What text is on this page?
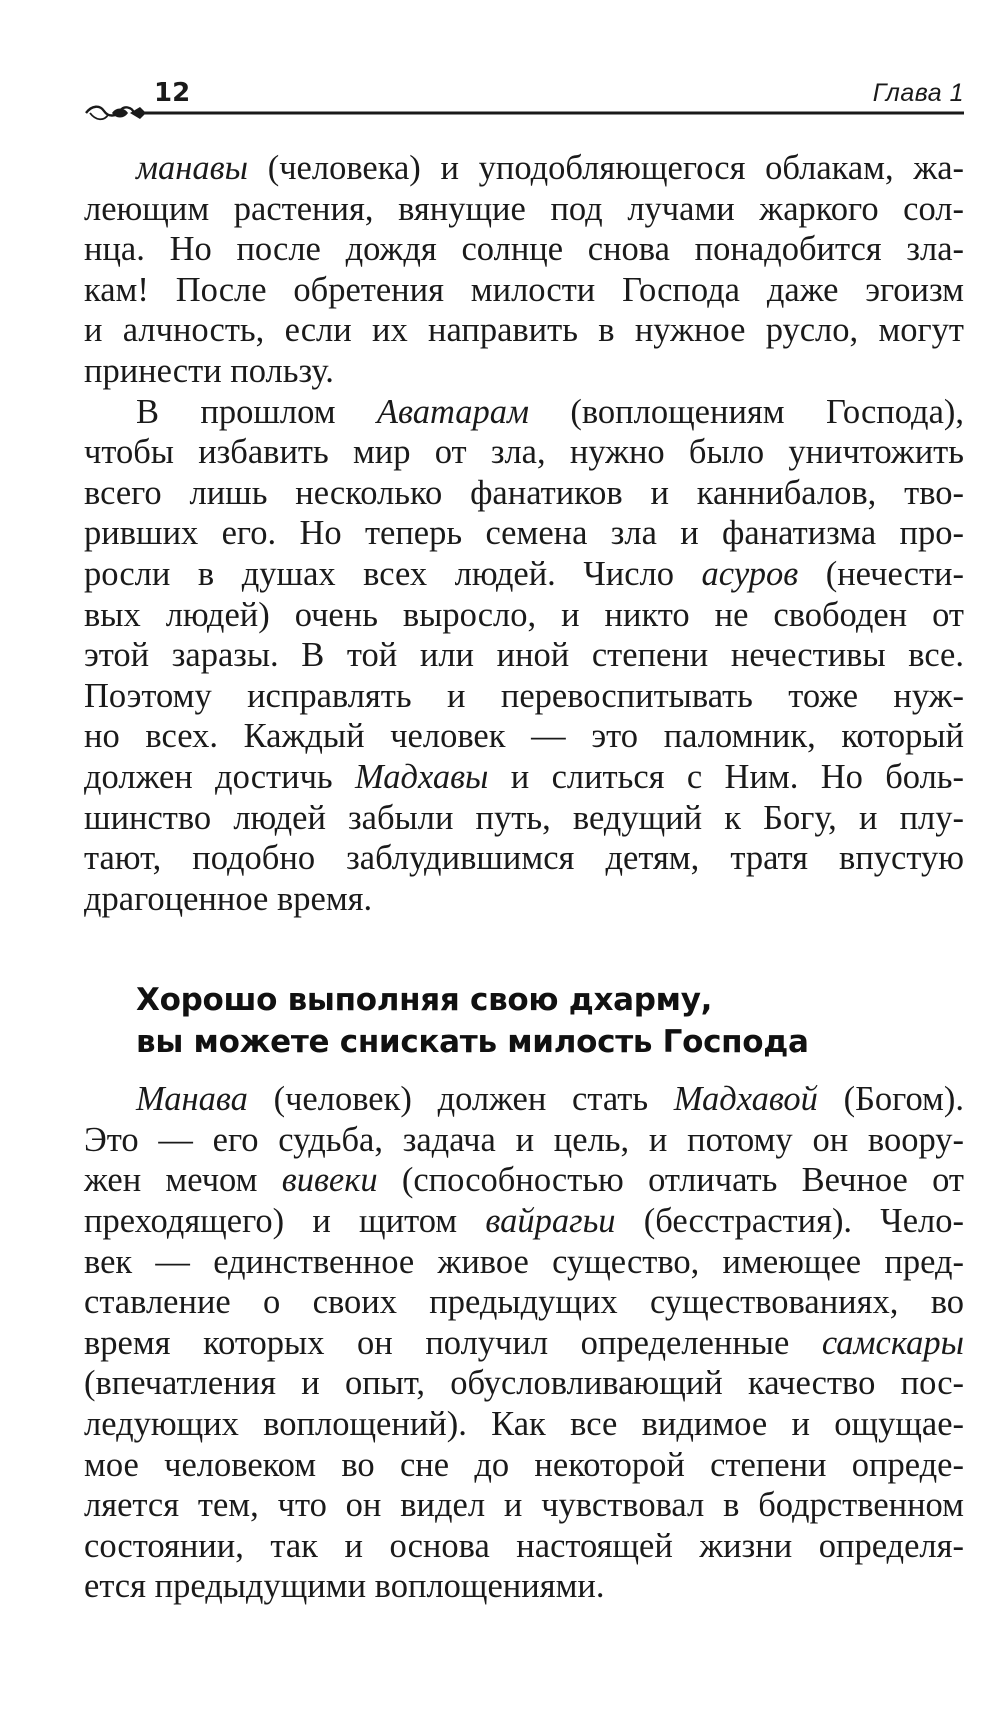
12	Глава 1

манавы (человека) и уподобляющегося облакам, жа-
леющим растения, вянущие под лучами жаркого сол-
нца. Но после дождя солнце снова понадобится зла-
кам! После обретения милости Господа даже эгоизм
и алчность, если их направить в нужное русло, могут
принести пользу.

В прошлом Аватарам (воплощениям Господа),
чтобы избавить мир от зла, нужно было уничтожить
всего лишь несколько фанатиков и каннибалов, тво-
ривших его. Но теперь семена зла и фанатизма про-
росли в душах всех людей. Число асуров (нечести-
вых людей) очень выросло, и никто не свободен от
этой заразы. В той или иной степени нечестивы все.
Поэтому исправлять и перевоспитывать тоже нуж-
но всех. Каждый человек — это паломник, который
должен достичь Мадхавы и слиться с Ним. Но боль-
шинство людей забыли путь, ведущий к Богу, и плу-
тают, подобно заблудившимся детям, тратя впустую
драгоценное время.

Хорошо выполняя свою дхарму,
вы можете снискать милость Господа

Манава (человек) должен стать Мадхавой (Богом).
Это — его судьба, задача и цель, и потому он воору-
жен мечом вивеки (способностью отличать Вечное от
преходящего) и щитом вайрагьи (бесстрастия). Чело-
век — единственное живое существо, имеющее пред-
ставление о своих предыдущих существованиях, во
время которых он получил определенные самскары
(впечатления и опыт, обусловливающий качество пос-
ледующих воплощений). Как все видимое и ощущае-
мое человеком во сне до некоторой степени опреде-
ляется тем, что он видел и чувствовал в бодрственном
состоянии, так и основа настоящей жизни определя-
ется предыдущими воплощениями.
